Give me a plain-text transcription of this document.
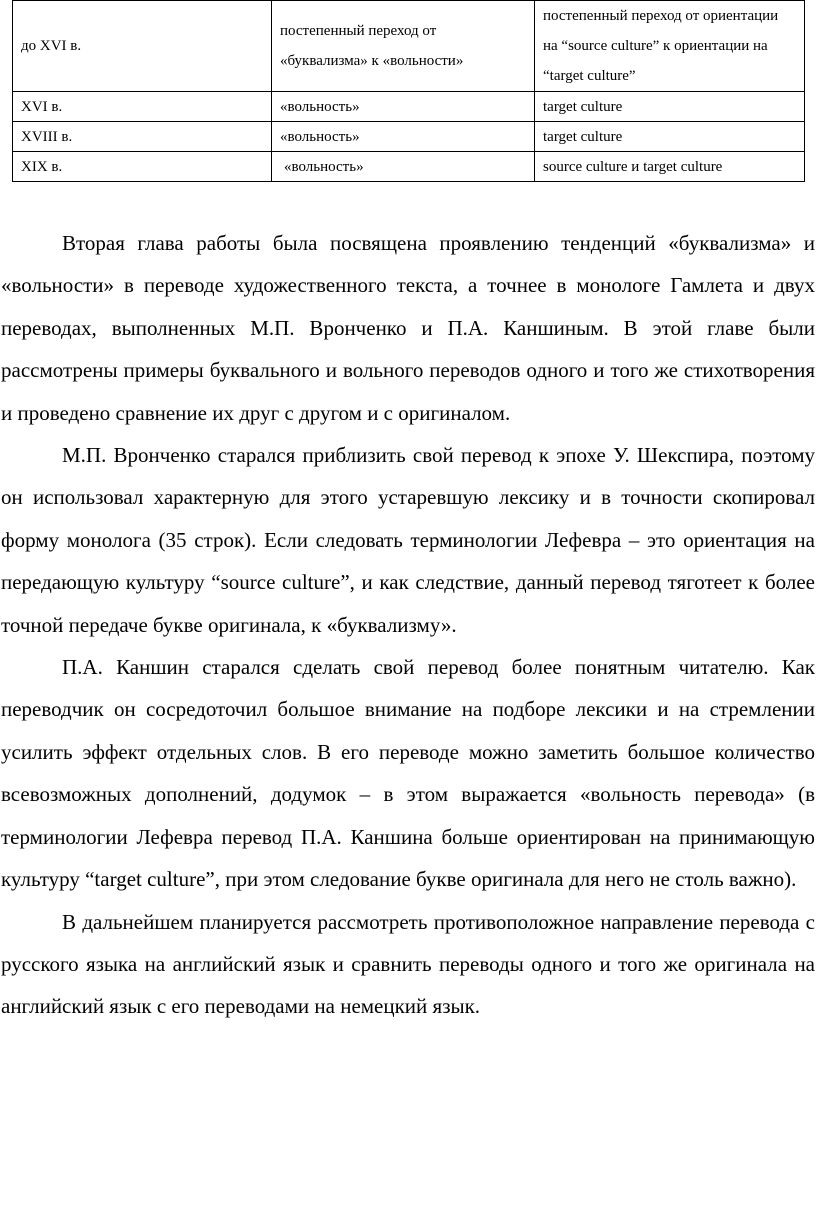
до XVI в.	постепенный переход от «буквализма» к «вольности»	постепенный переход от ориентации на “source culture” к ориентации на “target culture”
XVI в.	«вольность»	target culture
XVIII в.	«вольность»	target culture
XIX в.	«вольность»	source culture и target culture

Вторая глава работы была посвящена проявлению тенденций «буквализма» и «вольности» в переводе художественного текста, а точнее в монологе Гамлета и двух переводах, выполненных М.П. Вронченко и П.А. Каншиным. В этой главе были рассмотрены примеры буквального и вольного переводов одного и того же стихотворения и проведено сравнение их друг с другом и с оригиналом.

М.П. Вронченко старался приблизить свой перевод к эпохе У. Шекспира, поэтому он использовал характерную для этого устаревшую лексику и в точности скопировал форму монолога (35 строк). Если следовать терминологии Лефевра – это ориентация на передающую культуру “source culture”, и как следствие, данный перевод тяготеет к более точной передаче букве оригинала, к «буквализму».

П.А. Каншин старался сделать свой перевод более понятным читателю. Как переводчик он сосредоточил большое внимание на подборе лексики и на стремлении усилить эффект отдельных слов. В его переводе можно заметить большое количество всевозможных дополнений, додумок – в этом выражается «вольность перевода» (в терминологии Лефевра перевод П.А. Каншина больше ориентирован на принимающую культуру “target culture”, при этом следование букве оригинала для него не столь важно).

В дальнейшем планируется рассмотреть противоположное направление перевода с русского языка на английский язык и сравнить переводы одного и того же оригинала на английский язык с его переводами на немецкий язык.
